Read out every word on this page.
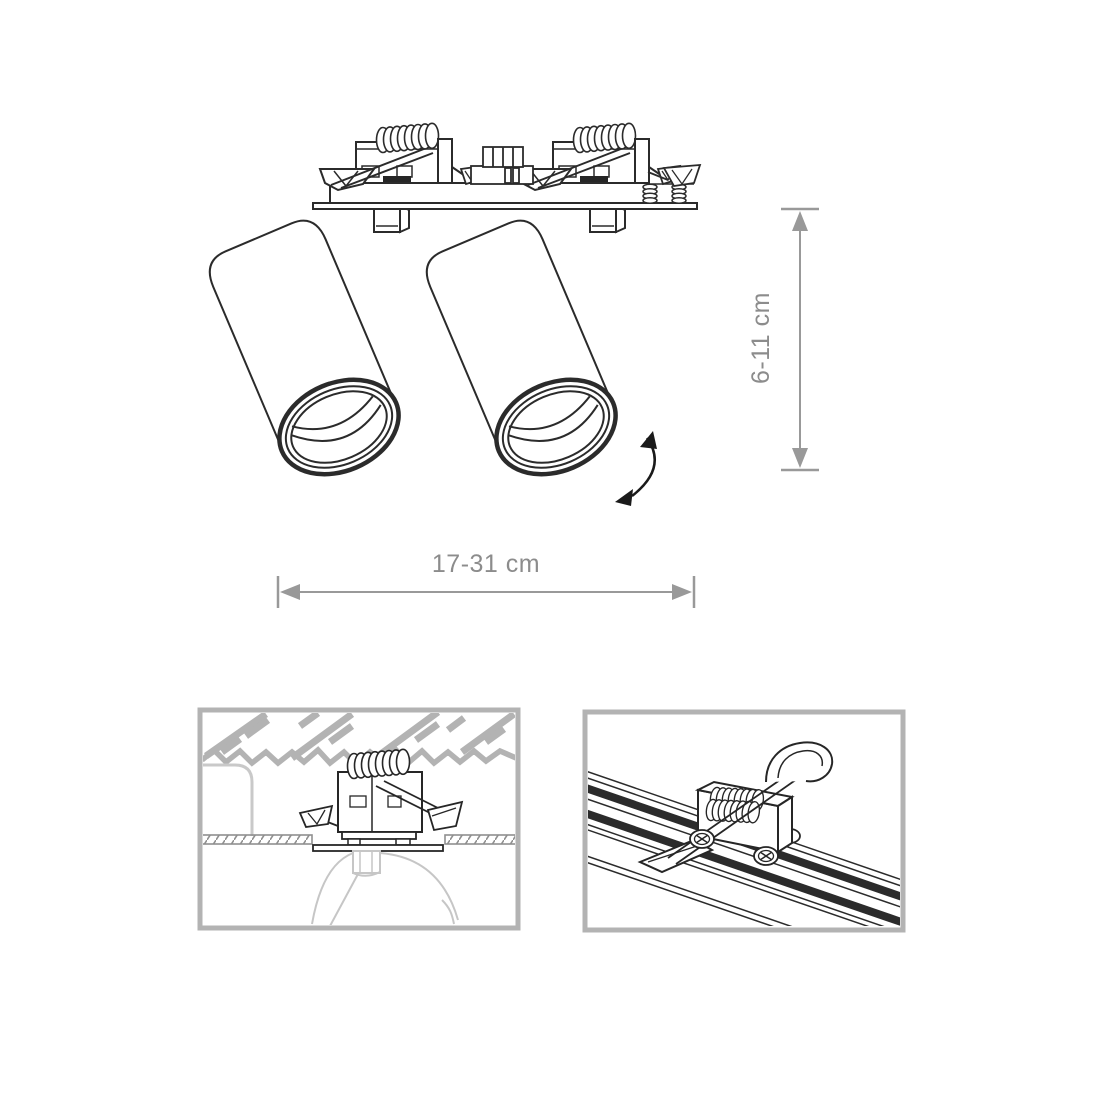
6-11 cm
17-31 cm
